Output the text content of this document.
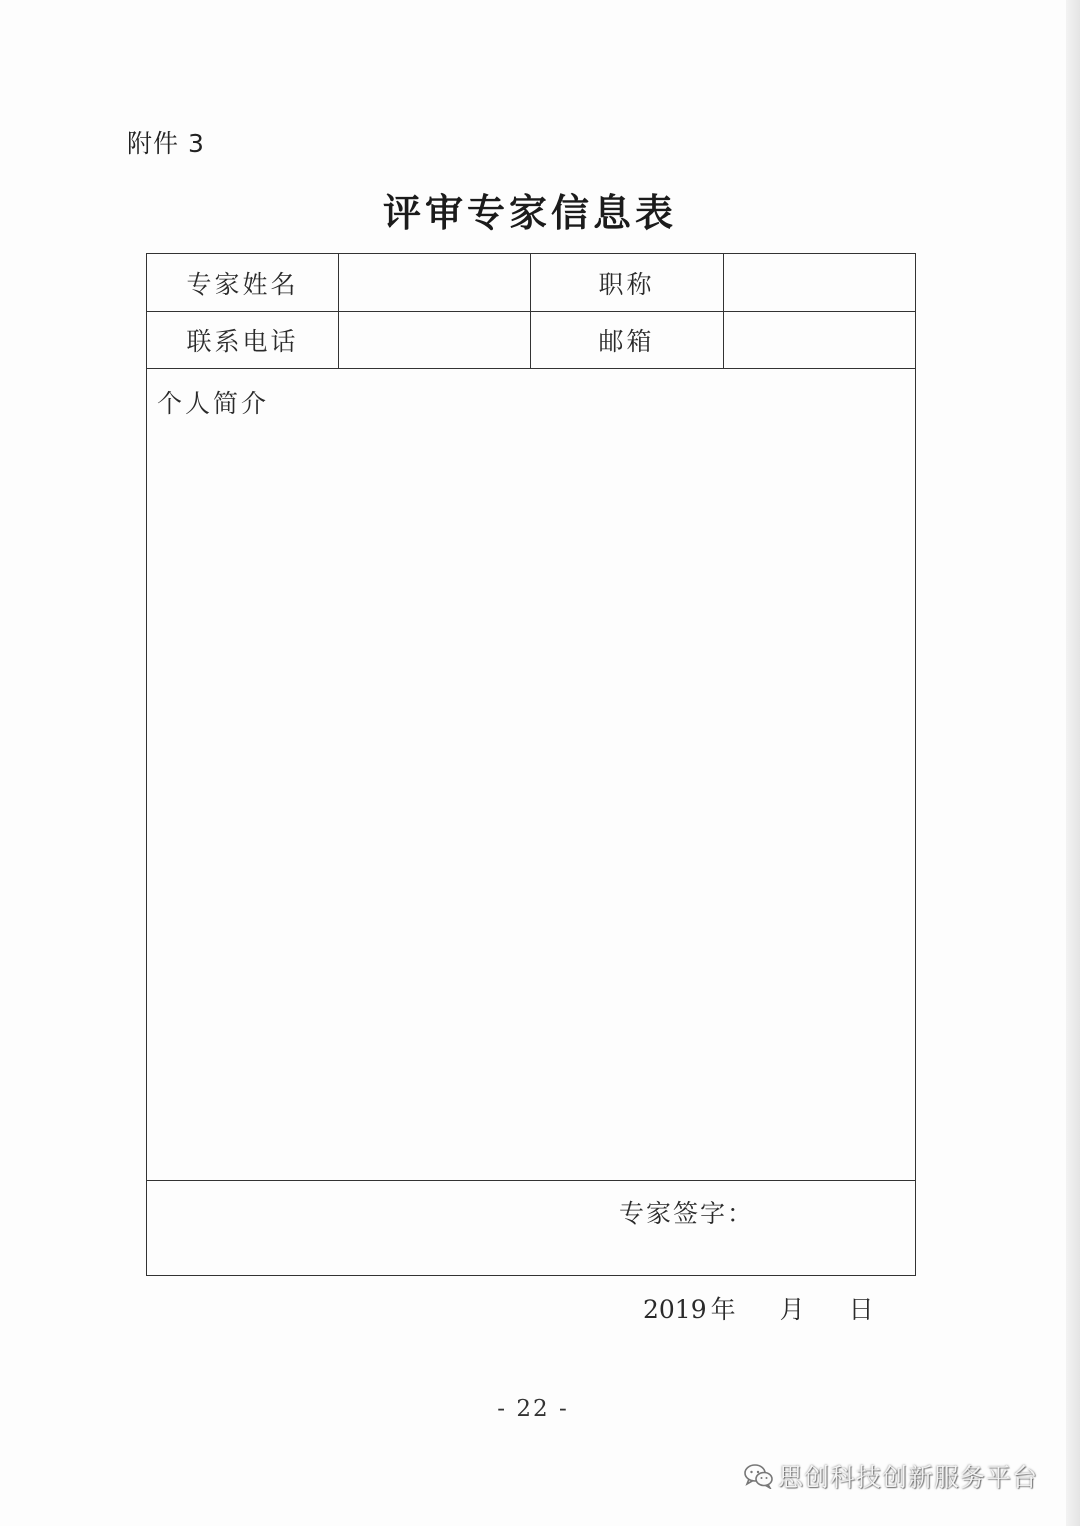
附件 3
评审专家信息表
专家姓名	职称
联系电话	邮箱
个人简介
专家签字：
2019 年 月 日
- 22 -
思创科技创新服务平台
